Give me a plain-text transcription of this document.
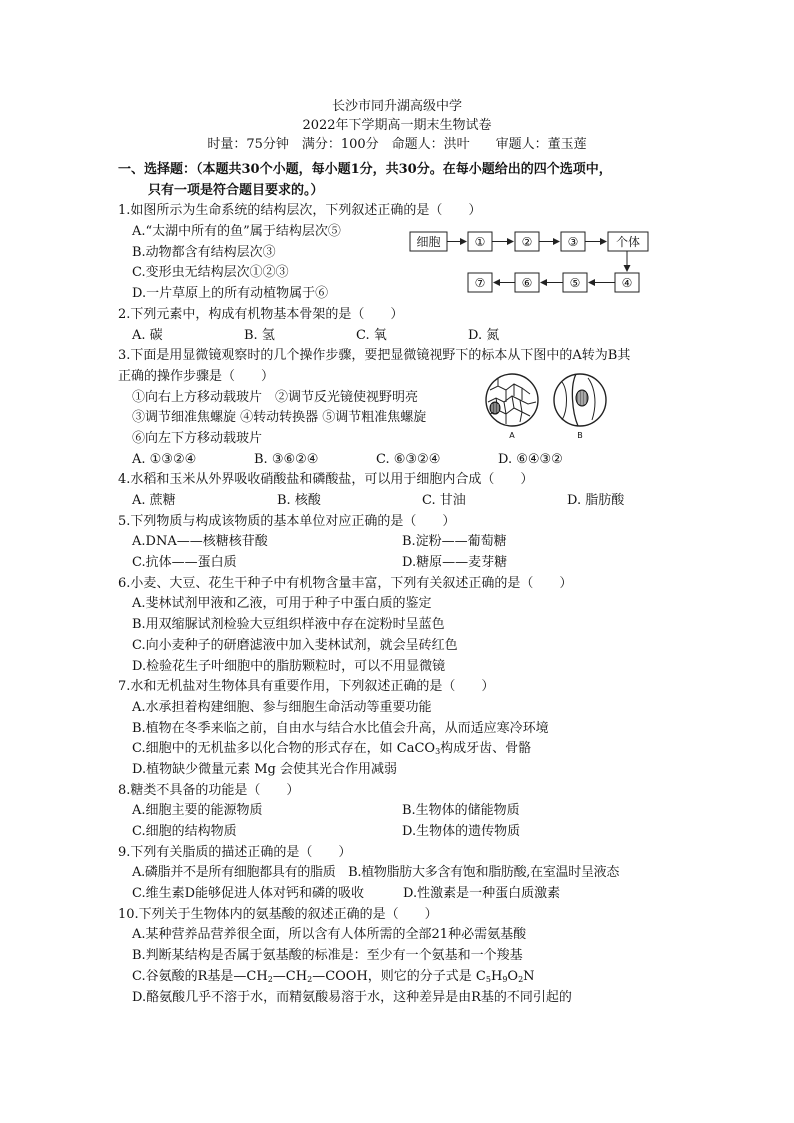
长沙市同升湖高级中学
2022年下学期高一期末生物试卷
时量：75分钟　满分：100分　命题人：洪叶　　审题人：董玉莲
一、选择题：（本题共30个小题，每小题1分，共30分。在每小题给出的四个选项中，
只有一项是符合题目要求的。）
1.如图所示为生命系统的结构层次，下列叙述正确的是（　　）
A.“太湖中所有的鱼”属于结构层次⑤
B.动物都含有结构层次③
C.变形虫无结构层次①②③
D.一片草原上的所有动植物属于⑥
2.下列元素中，构成有机物基本骨架的是（　　）
A. 碳	B. 氢	C. 氧	D. 氮
3.下面是用显微镜观察时的几个操作步骤，要把显微镜视野下的标本从下图中的A转为B其
正确的操作步骤是（　　）
①向右上方移动载玻片　②调节反光镜使视野明亮
③调节细准焦螺旋 ④转动转换器 ⑤调节粗准焦螺旋
⑥向左下方移动载玻片
A. ①③②④	B. ③⑥②④	C. ⑥③②④	D. ⑥④③②
4.水稻和玉米从外界吸收硝酸盐和磷酸盐，可以用于细胞内合成（　　）
A. 蔗糖	B. 核酸	C. 甘油	D. 脂肪酸
5.下列物质与构成该物质的基本单位对应正确的是（　　）
A.DNA——核糖核苷酸	B.淀粉——葡萄糖
C.抗体——蛋白质	D.糖原——麦芽糖
6.小麦、大豆、花生干种子中有机物含量丰富，下列有关叙述正确的是（　　）
A.斐林试剂甲液和乙液，可用于种子中蛋白质的鉴定
B.用双缩脲试剂检验大豆组织样液中存在淀粉时呈蓝色
C.向小麦种子的研磨滤液中加入斐林试剂，就会呈砖红色
D.检验花生子叶细胞中的脂肪颗粒时，可以不用显微镜
7.水和无机盐对生物体具有重要作用，下列叙述正确的是（　　）
A.水承担着构建细胞、参与细胞生命活动等重要功能
B.植物在冬季来临之前，自由水与结合水比值会升高，从而适应寒冷环境
C.细胞中的无机盐多以化合物的形式存在，如 CaCO$_3$构成牙齿、骨骼
D.植物缺少微量元素 Mg 会使其光合作用减弱
8.糖类不具备的功能是（　　）
A.细胞主要的能源物质	B.生物体的储能物质
C.细胞的结构物质	D.生物体的遗传物质
9.下列有关脂质的描述正确的是（　　）
A.磷脂并不是所有细胞都具有的脂质　B.植物脂肪大多含有饱和脂肪酸,在室温时呈液态
C.维生素D能够促进人体对钙和磷的吸收　　　D.性激素是一种蛋白质激素
10.下列关于生物体内的氨基酸的叙述正确的是（　　）
A.某种营养品营养很全面，所以含有人体所需的全部21种必需氨基酸
B.判断某结构是否属于氨基酸的标准是：至少有一个氨基和一个羧基
C.谷氨酸的R基是$—CH_2—CH_2—COOH$，则它的分子式是 $C_5H_9O_2N$
D.酪氨酸几乎不溶于水，而精氨酸易溶于水，这种差异是由R基的不同引起的
细胞	①	②	③	个体
④
⑤
⑥
⑦
A	B
